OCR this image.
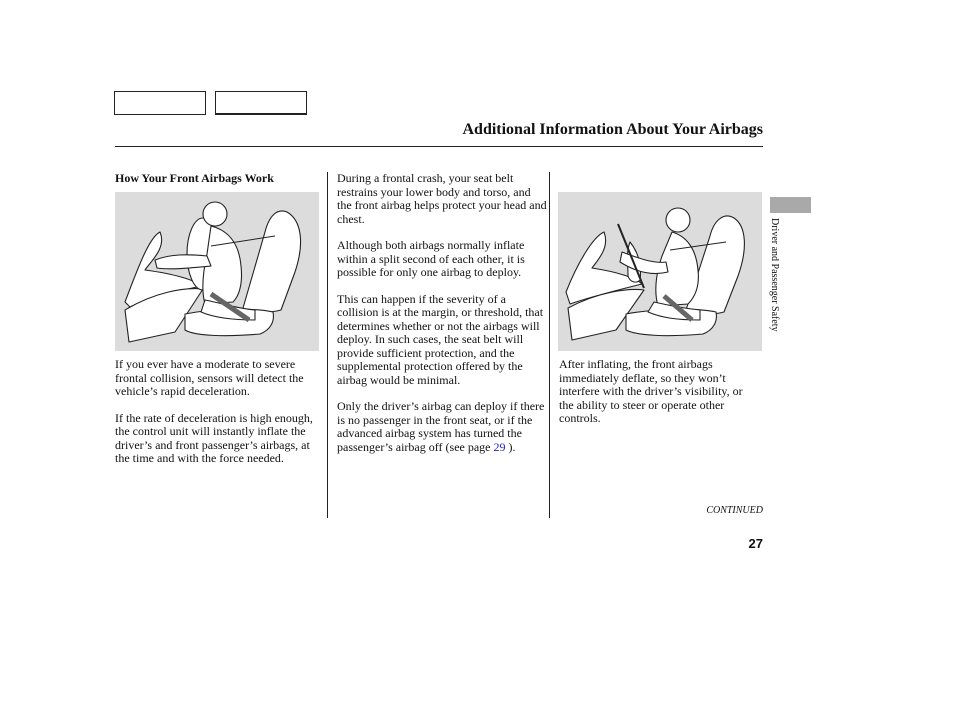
Additional Information About Your Airbags
Driver and Passenger Safety
How Your Front Airbags Work

If you ever have a moderate to severe frontal collision, sensors will detect the vehicle’s rapid deceleration.

If the rate of deceleration is high enough, the control unit will instantly inflate the driver’s and front passenger’s airbags, at the time and with the force needed.

During a frontal crash, your seat belt restrains your lower body and torso, and the front airbag helps protect your head and chest.

Although both airbags normally inflate within a split second of each other, it is possible for only one airbag to deploy.

This can happen if the severity of a collision is at the margin, or threshold, that determines whether or not the airbags will deploy. In such cases, the seat belt will provide sufficient protection, and the supplemental protection offered by the airbag would be minimal.

Only the driver’s airbag can deploy if there is no passenger in the front seat, or if the advanced airbag system has turned the passenger’s airbag off (see page 29 ).

After inflating, the front airbags immediately deflate, so they won’t interfere with the driver’s visibility, or the ability to steer or operate other controls.

CONTINUED
27
